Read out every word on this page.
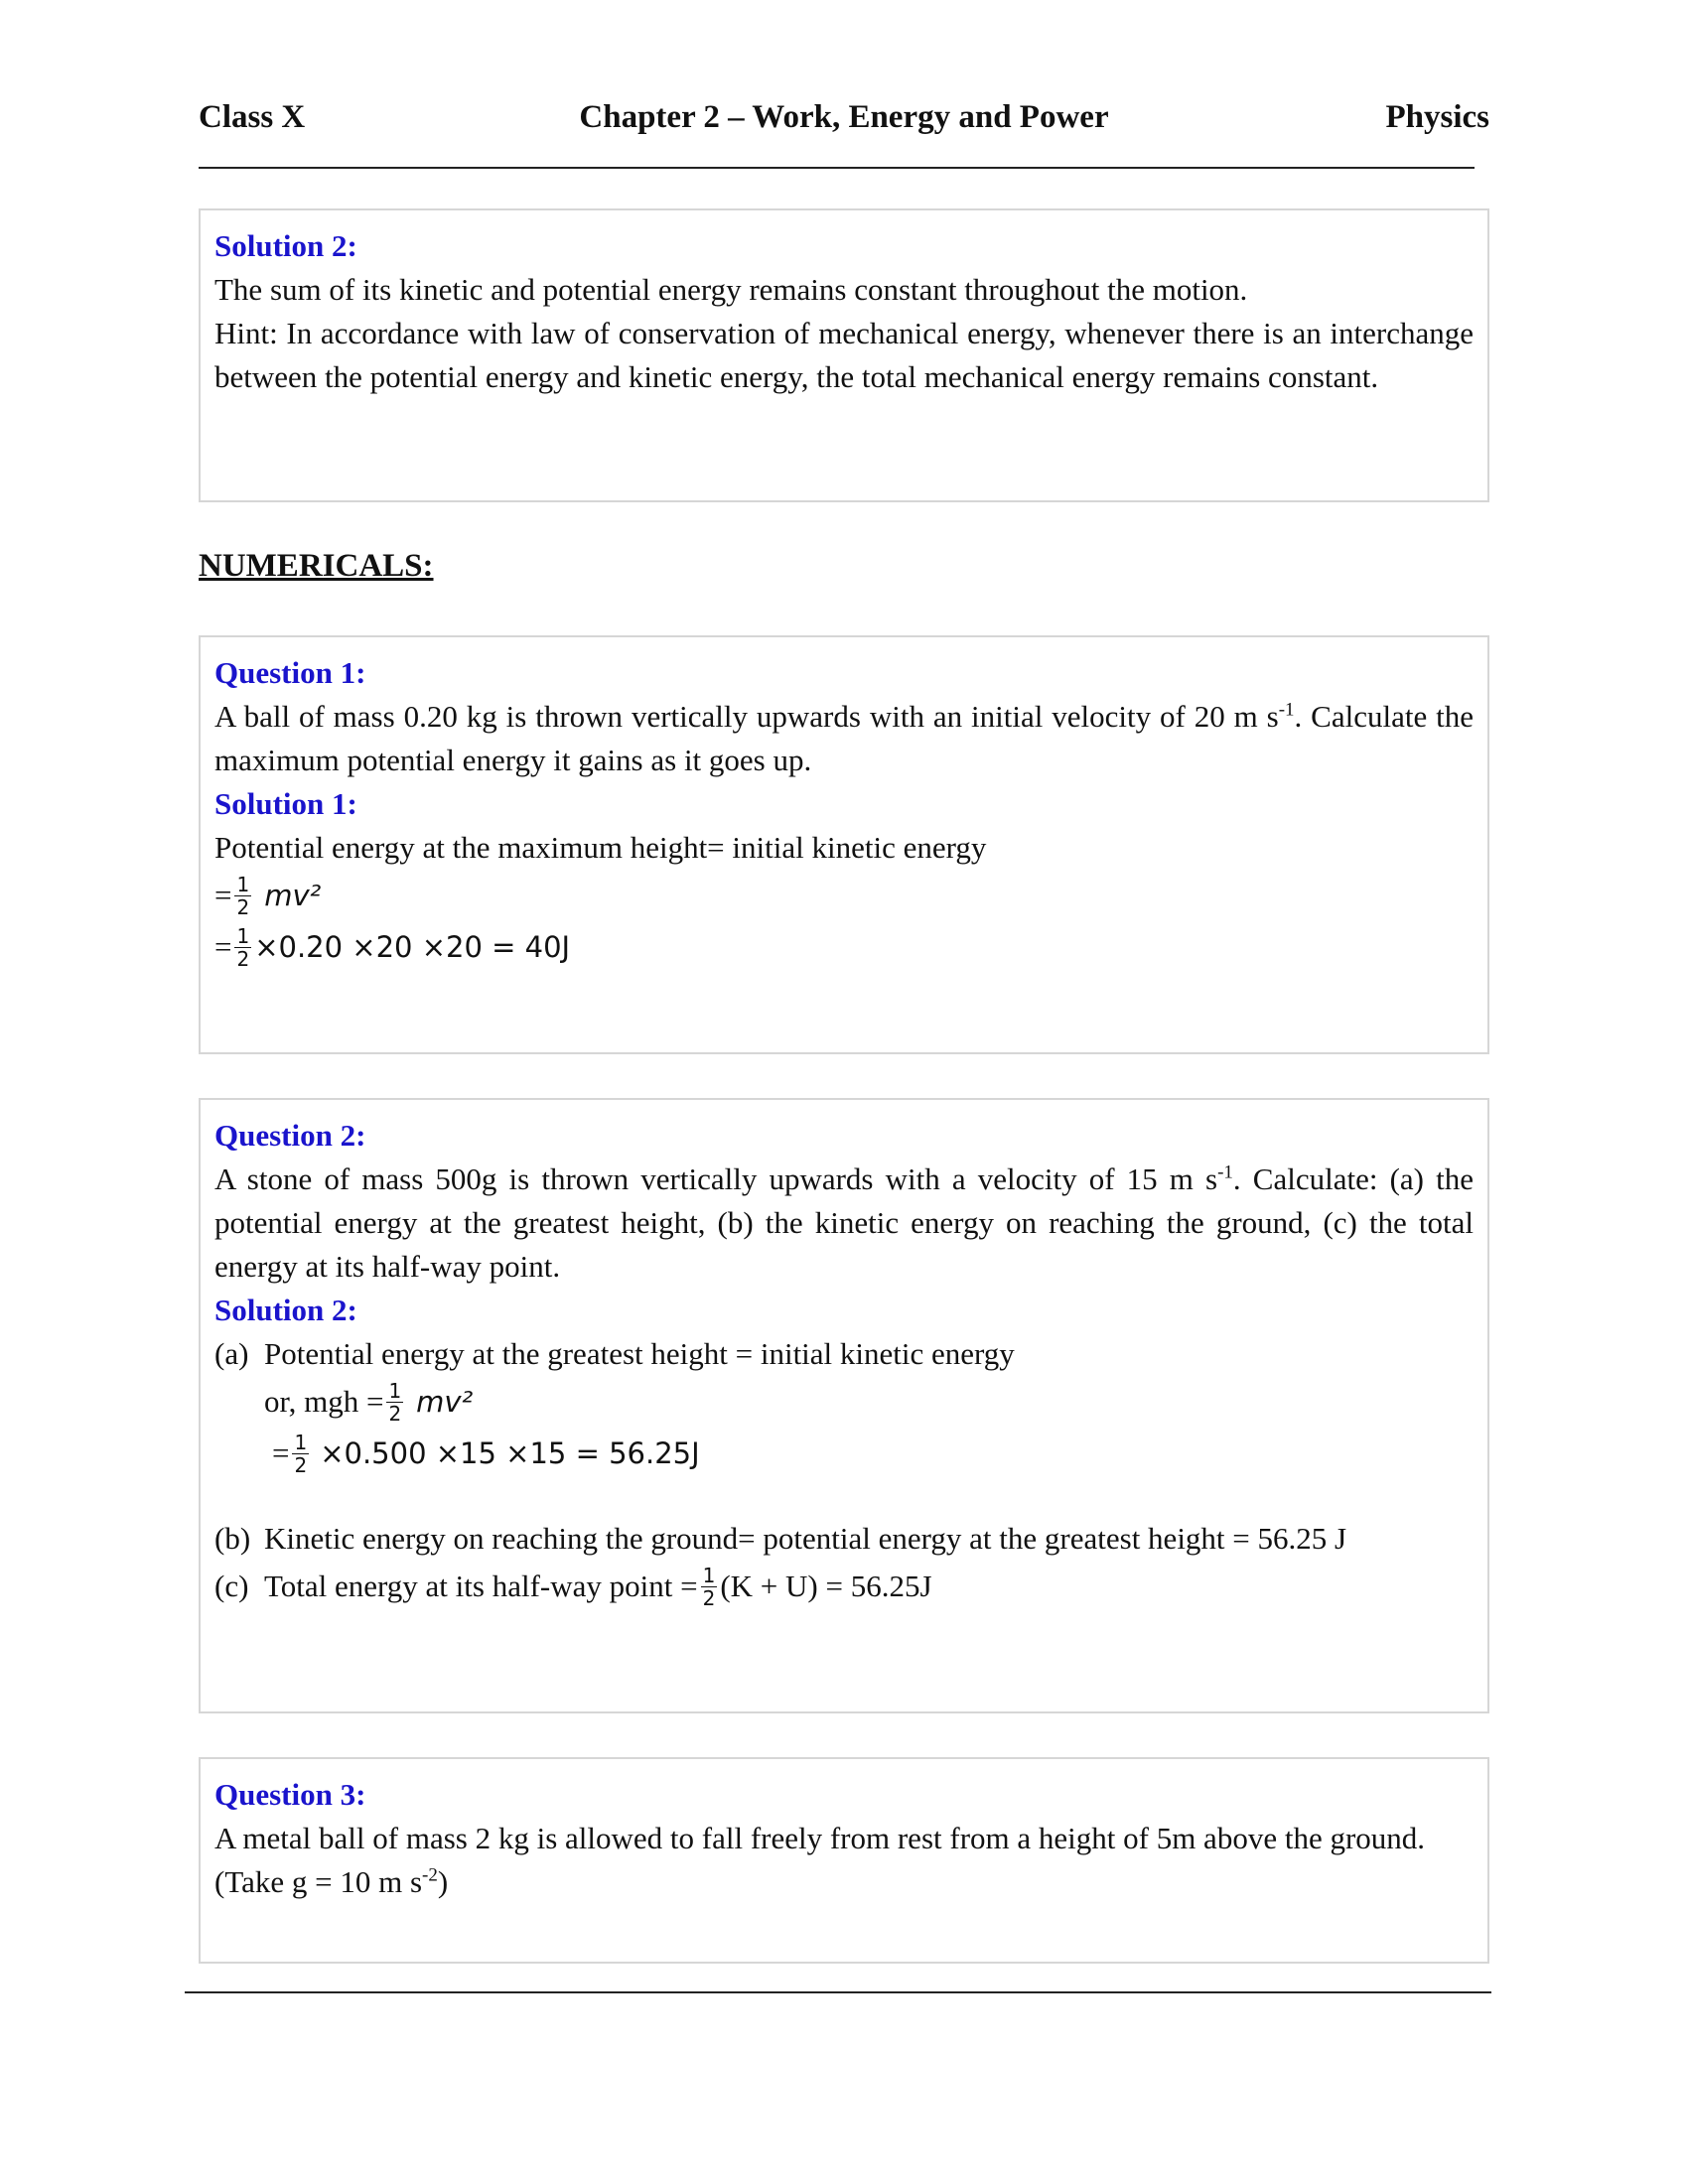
Class X	Chapter 2 – Work, Energy and Power	Physics
Solution 2:
The sum of its kinetic and potential energy remains constant throughout the motion.
Hint: In accordance with law of conservation of mechanical energy, whenever there is an interchange between the potential energy and kinetic energy, the total mechanical energy remains constant.
NUMERICALS:
Question 1:
A ball of mass 0.20 kg is thrown vertically upwards with an initial velocity of 20 m $s^{-1}$. Calculate the maximum potential energy it gains as it goes up.
Solution 1:
Potential energy at the maximum height= initial kinetic energy
= $\frac{1}{2} mv^2$
= $\frac{1}{2} \times 0.20 \times 20 \times 20 = 40J$
Question 2:
A stone of mass 500g is thrown vertically upwards with a velocity of 15 m $s^{-1}$. Calculate: (a) the potential energy at the greatest height, (b) the kinetic energy on reaching the ground, (c) the total energy at its half-way point.
Solution 2:
(a) Potential energy at the greatest height = initial kinetic energy
or, mgh = $\frac{1}{2} mv^2$
= $\frac{1}{2} \times 0.500 \times 15 \times 15 = 56.25J$
(b) Kinetic energy on reaching the ground= potential energy at the greatest height = 56.25 J
(c) Total energy at its half-way point = $\frac{1}{2} (K + U) = 56.25J$
Question 3:
A metal ball of mass 2 kg is allowed to fall freely from rest from a height of 5m above the ground.
(Take g = 10 m $s^{-2}$)
